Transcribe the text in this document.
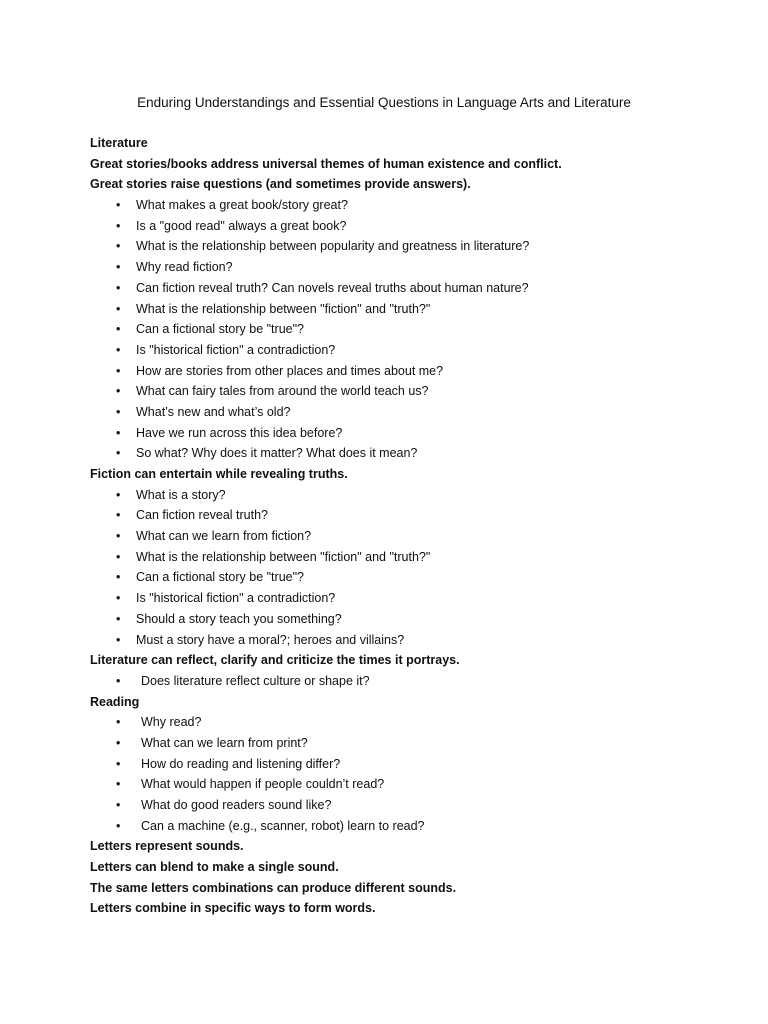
Enduring Understandings and Essential Questions in Language Arts and Literature
Literature
Great stories/books address universal themes of human existence and conflict.
Great stories raise questions (and sometimes provide answers).
• What makes a great book/story great?
• Is a "good read" always a great book?
• What is the relationship between popularity and greatness in literature?
• Why read fiction?
• Can fiction reveal truth? Can novels reveal truths about human nature?
• What is the relationship between "fiction" and "truth?"
• Can a fictional story be "true"?
• Is "historical fiction" a contradiction?
• How are stories from other places and times about me?
• What can fairy tales from around the world teach us?
• What’s new and what’s old?
• Have we run across this idea before?
• So what? Why does it matter? What does it mean?
Fiction can entertain while revealing truths.
• What is a story?
• Can fiction reveal truth?
• What can we learn from fiction?
• What is the relationship between "fiction" and "truth?"
• Can a fictional story be "true"?
• Is "historical fiction" a contradiction?
• Should a story teach you something?
• Must a story have a moral?; heroes and villains?
Literature can reflect, clarify and criticize the times it portrays.
• Does literature reflect culture or shape it?
Reading
• Why read?
• What can we learn from print?
• How do reading and listening differ?
• What would happen if people couldn’t read?
• What do good readers sound like?
• Can a machine (e.g., scanner, robot) learn to read?
Letters represent sounds.
Letters can blend to make a single sound.
The same letters combinations can produce different sounds.
Letters combine in specific ways to form words.
